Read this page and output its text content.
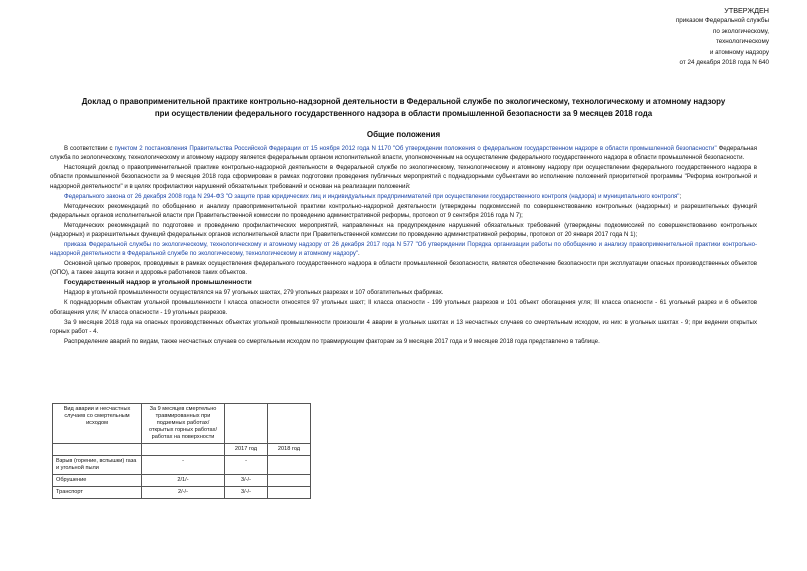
УТВЕРЖДЕН
приказом Федеральной службы
по экологическому,
технологическому
и атомному надзору
от 24 декабря 2018 года N 640
Доклад о правоприменительной практике контрольно-надзорной деятельности в Федеральной службе по экологическому, технологическому и атомному надзору
при осуществлении федерального государственного надзора в области промышленной безопасности за 9 месяцев 2018 года
Общие положения

В соответствии с пунктом 2 постановления Правительства Российской Федерации от 15 ноября 2012 года N 1170 "Об утверждении положения о федеральном государственном надзоре в области промышленной безопасности" Федеральная служба по экологическому, технологическому и атомному надзору является федеральным органом исполнительной власти, уполномоченным на осуществление федерального государственного надзора в области промышленной безопасности.

Настоящий доклад о правоприменительной практике контрольно-надзорной деятельности в Федеральной службе по экологическому, технологическому и атомному надзору при осуществлении федерального государственного надзора в области промышленной безопасности за 9 месяцев 2018 года сформирован в рамках подготовки проведения публичных мероприятий с поднадзорными субъектами во исполнение положений приоритетной программы "Реформа контрольной и надзорной деятельности" и в целях профилактики нарушений обязательных требований и основан на реализации положений:

Федерального закона от 26 декабря 2008 года N 294-ФЗ "О защите прав юридических лиц и индивидуальных предпринимателей при осуществлении государственного контроля (надзора) и муниципального контроля";

Методических рекомендаций по обобщению и анализу правоприменительной практики контрольно-надзорной деятельности (утверждены подкомиссией по совершенствованию контрольных (надзорных) и разрешительных функций федеральных органов исполнительной власти при Правительственной комиссии по проведению административной реформы, протокол от 9 сентября 2016 года N 7);

Методических рекомендаций по подготовке и проведению профилактических мероприятий, направленных на предупреждение нарушений обязательных требований (утверждены подкомиссией по совершенствованию контрольных (надзорных) и разрешительных функций федеральных органов исполнительной власти при Правительственной комиссии по проведению административной реформы, протокол от 20 января 2017 года N 1);

приказа Федеральной службы по экологическому, технологическому и атомному надзору от 26 декабря 2017 года N 577 "Об утверждении Порядка организации работы по обобщению и анализу правоприменительной практики контрольно-надзорной деятельности в Федеральной службе по экологическому, технологическому и атомному надзору".

Основной целью проверок, проводимых в рамках осуществления федерального государственного надзора в области промышленной безопасности, является обеспечение безопасности при эксплуатации опасных производственных объектов (ОПО), а также защита жизни и здоровья работников таких объектов.

Государственный надзор в угольной промышленности

Надзор в угольной промышленности осуществлялся на 97 угольных шахтах, 279 угольных разрезах и 107 обогатительных фабриках.

К поднадзорным объектам угольной промышленности I класса опасности относятся 97 угольных шахт; II класса опасности - 199 угольных разрезов и 101 объект обогащения угля; III класса опасности - 61 угольный разрез и 6 объектов обогащения угля; IV класса опасности - 19 угольных разрезов.

За 9 месяцев 2018 года на опасных производственных объектах угольной промышленности произошли 4 аварии в угольных шахтах и 13 несчастных случаев со смертельным исходом, из них: в угольных шахтах - 9; при ведении открытых горных работ - 4.

Распределение аварий по видам, также несчастных случаев со смертельным исходом по травмирующим факторам за 9 месяцев 2017 года и 9 месяцев 2018 года представлено в таблице.

Вид аварии и несчастных случаев со смертельным исходом	За 9 месяцев смертельно травмированных при подземных работах/открытых горных работах/ работах на поверхности		
		2017 год	2018 год
Взрыв (горение, вспышки) газа и угольной пыли	-	-	
Обрушение	2/1/-	3/-/-	
Транспорт	2/-/-	3/-/-	
